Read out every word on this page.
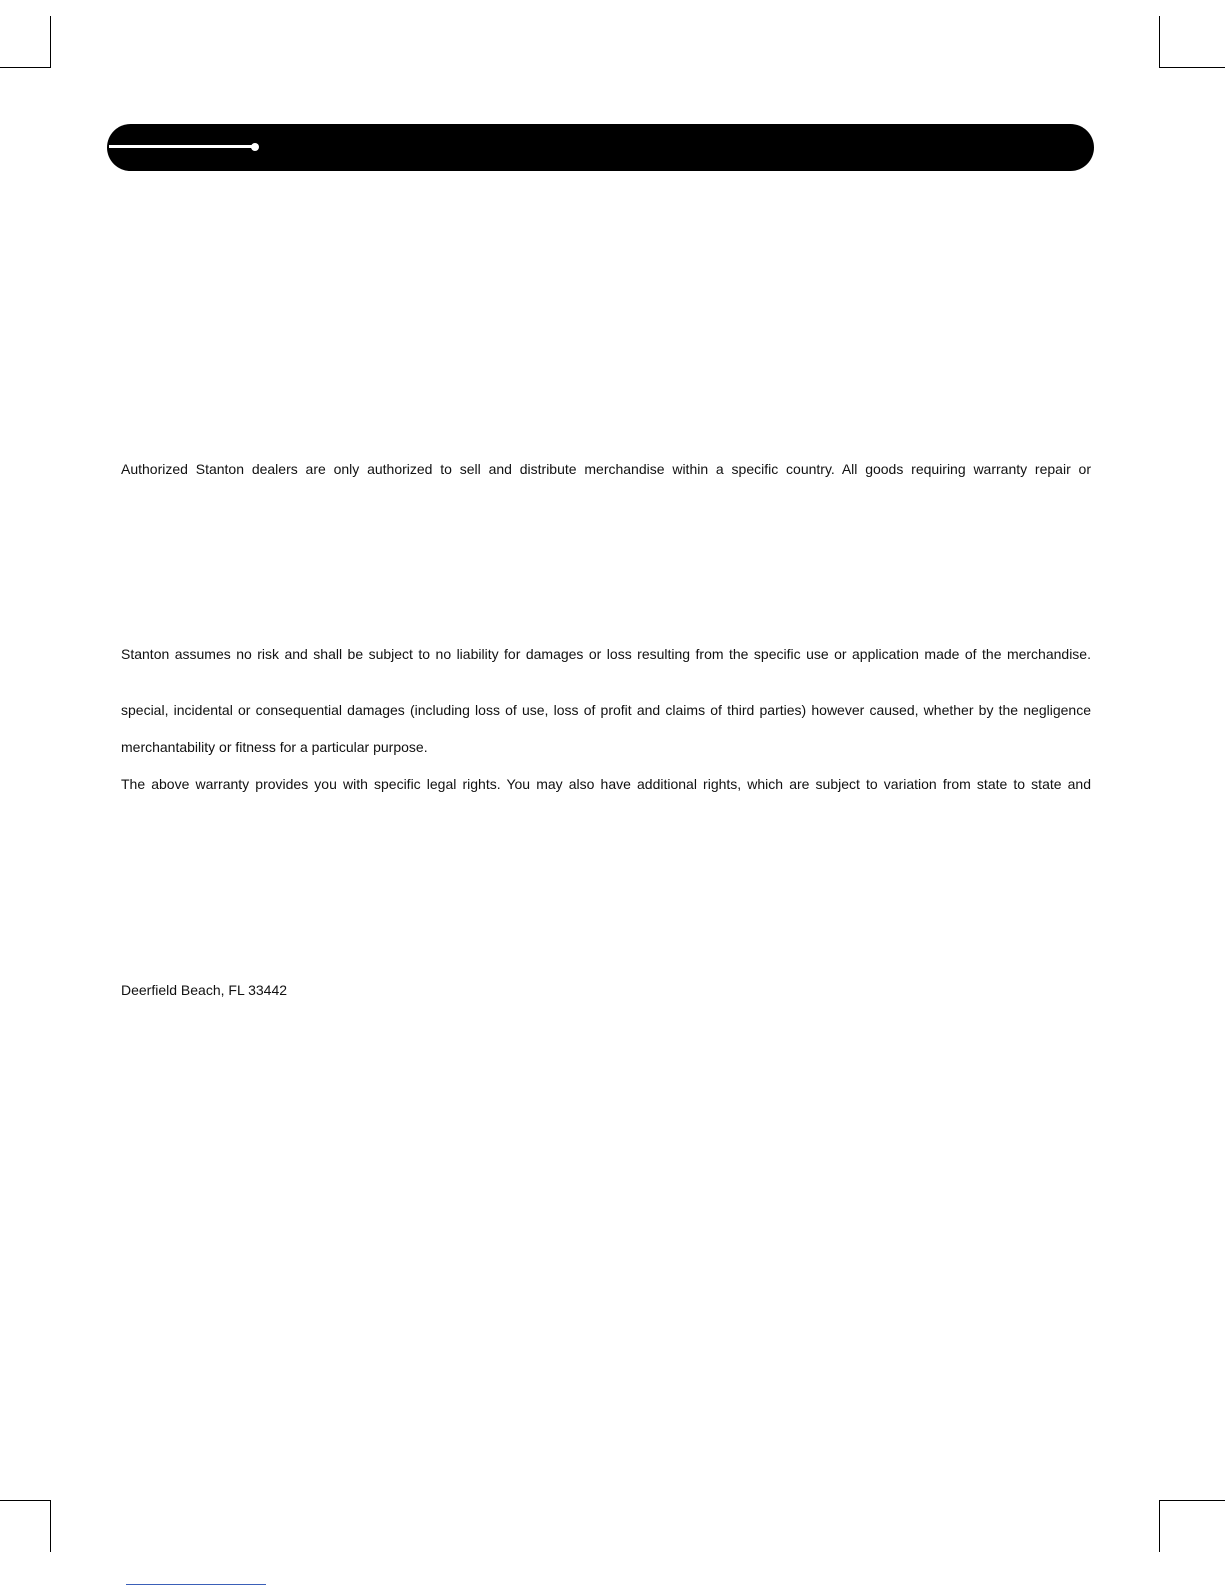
Authorized Stanton dealers are only authorized to sell and distribute merchandise within a specific country. All goods requiring warranty repair or

Stanton assumes no risk and shall be subject to no liability for damages or loss resulting from the specific use or application made of the merchandise.

special, incidental or consequential damages (including loss of use, loss of profit and claims of third parties) however caused, whether by the negligence

merchantability or fitness for a particular purpose.

The above warranty provides you with specific legal rights. You may also have additional rights, which are subject to variation from state to state and

Deerfield Beach, FL 33442
